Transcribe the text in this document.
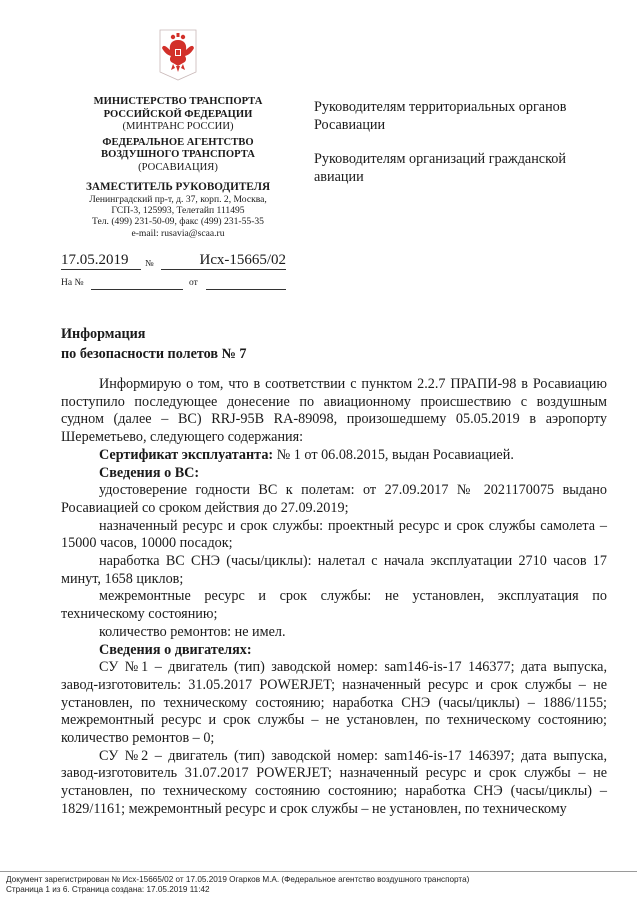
МИНИСТЕРСТВО ТРАНСПОРТА
РОССИЙСКОЙ ФЕДЕРАЦИИ
(МИНТРАНС РОССИИ)
ФЕДЕРАЛЬНОЕ АГЕНТСТВО
ВОЗДУШНОГО ТРАНСПОРТА
(РОСАВИАЦИЯ)
ЗАМЕСТИТЕЛЬ РУКОВОДИТЕЛЯ
Ленинградский пр-т, д. 37, корп. 2, Москва,
ГСП-3, 125993, Телетайп 111495
Тел. (499) 231-50-09, факс (499) 231-55-35
e-mail: rusavia@scaa.ru
17.05.2019	№	Исх-15665/02
На №	от
Руководителям территориальных органов Росавиации
Руководителям организаций гражданской авиации
Информация
по безопасности полетов № 7

Информирую о том, что в соответствии с пунктом 2.2.7 ПРАПИ-98 в Росавиацию поступило последующее донесение по авиационному происшествию с воздушным судном (далее – ВС) RRJ-95B RA-89098, произошедшему 05.05.2019 в аэропорту Шереметьево, следующего содержания:

Сертификат эксплуатанта: № 1 от 06.08.2015, выдан Росавиацией.

Сведения о ВС:

удостоверение годности ВС к полетам: от 27.09.2017 № 2021170075 выдано Росавиацией со сроком действия до 27.09.2019;

назначенный ресурс и срок службы: проектный ресурс и срок службы самолета – 15000 часов, 10000 посадок;

наработка ВС СНЭ (часы/циклы): налетал с начала эксплуатации 2710 часов 17 минут, 1658 циклов;

межремонтные ресурс и срок службы: не установлен, эксплуатация по техническому состоянию;

количество ремонтов: не имел.

Сведения о двигателях:

СУ №1 – двигатель (тип) заводской номер: sam146-is-17 146377; дата выпуска, завод-изготовитель: 31.05.2017 POWERJET; назначенный ресурс и срок службы – не установлен, по техническому состоянию; наработка СНЭ (часы/циклы) – 1886/1155; межремонтный ресурс и срок службы – не установлен, по техническому состоянию; количество ремонтов – 0;

СУ №2 – двигатель (тип) заводской номер: sam146-is-17 146397; дата выпуска, завод-изготовитель 31.07.2017 POWERJET; назначенный ресурс и срок службы – не установлен, по техническому состоянию состоянию; наработка СНЭ (часы/циклы) – 1829/1161; межремонтный ресурс и срок службы – не установлен, по техническому

Документ зарегистрирован № Исх-15665/02 от 17.05.2019 Огарков М.А. (Федеральное агентство воздушного транспорта)
Страница 1 из 6. Страница создана: 17.05.2019 11:42
